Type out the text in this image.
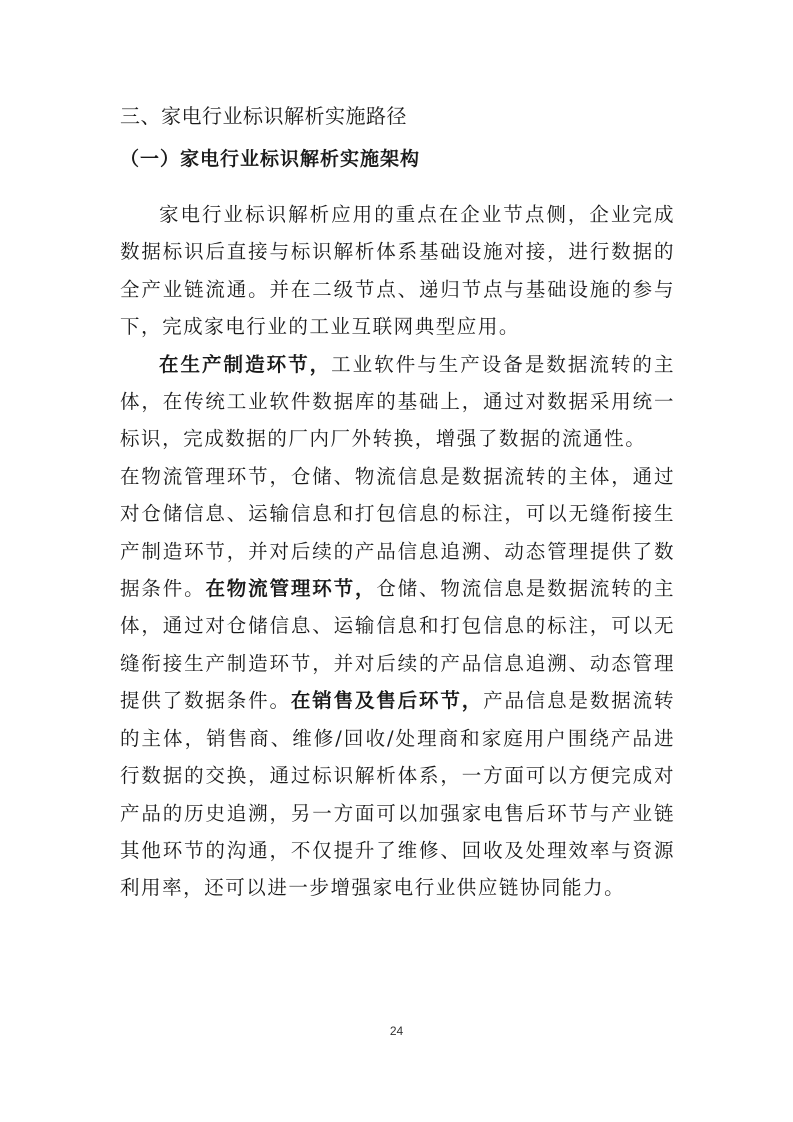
三、家电行业标识解析实施路径
（一）家电行业标识解析实施架构

家电行业标识解析应用的重点在企业节点侧，企业完成数据标识后直接与标识解析体系基础设施对接，进行数据的全产业链流通。并在二级节点、递归节点与基础设施的参与下，完成家电行业的工业互联网典型应用。

在生产制造环节，工业软件与生产设备是数据流转的主体，在传统工业软件数据库的基础上，通过对数据采用统一标识，完成数据的厂内厂外转换，增强了数据的流通性。

在物流管理环节，仓储、物流信息是数据流转的主体，通过对仓储信息、运输信息和打包信息的标注，可以无缝衔接生产制造环节，并对后续的产品信息追溯、动态管理提供了数据条件。在物流管理环节，仓储、物流信息是数据流转的主体，通过对仓储信息、运输信息和打包信息的标注，可以无缝衔接生产制造环节，并对后续的产品信息追溯、动态管理提供了数据条件。在销售及售后环节，产品信息是数据流转的主体，销售商、维修/回收/处理商和家庭用户围绕产品进行数据的交换，通过标识解析体系，一方面可以方便完成对产品的历史追溯，另一方面可以加强家电售后环节与产业链其他环节的沟通，不仅提升了维修、回收及处理效率与资源利用率，还可以进一步增强家电行业供应链协同能力。

24
